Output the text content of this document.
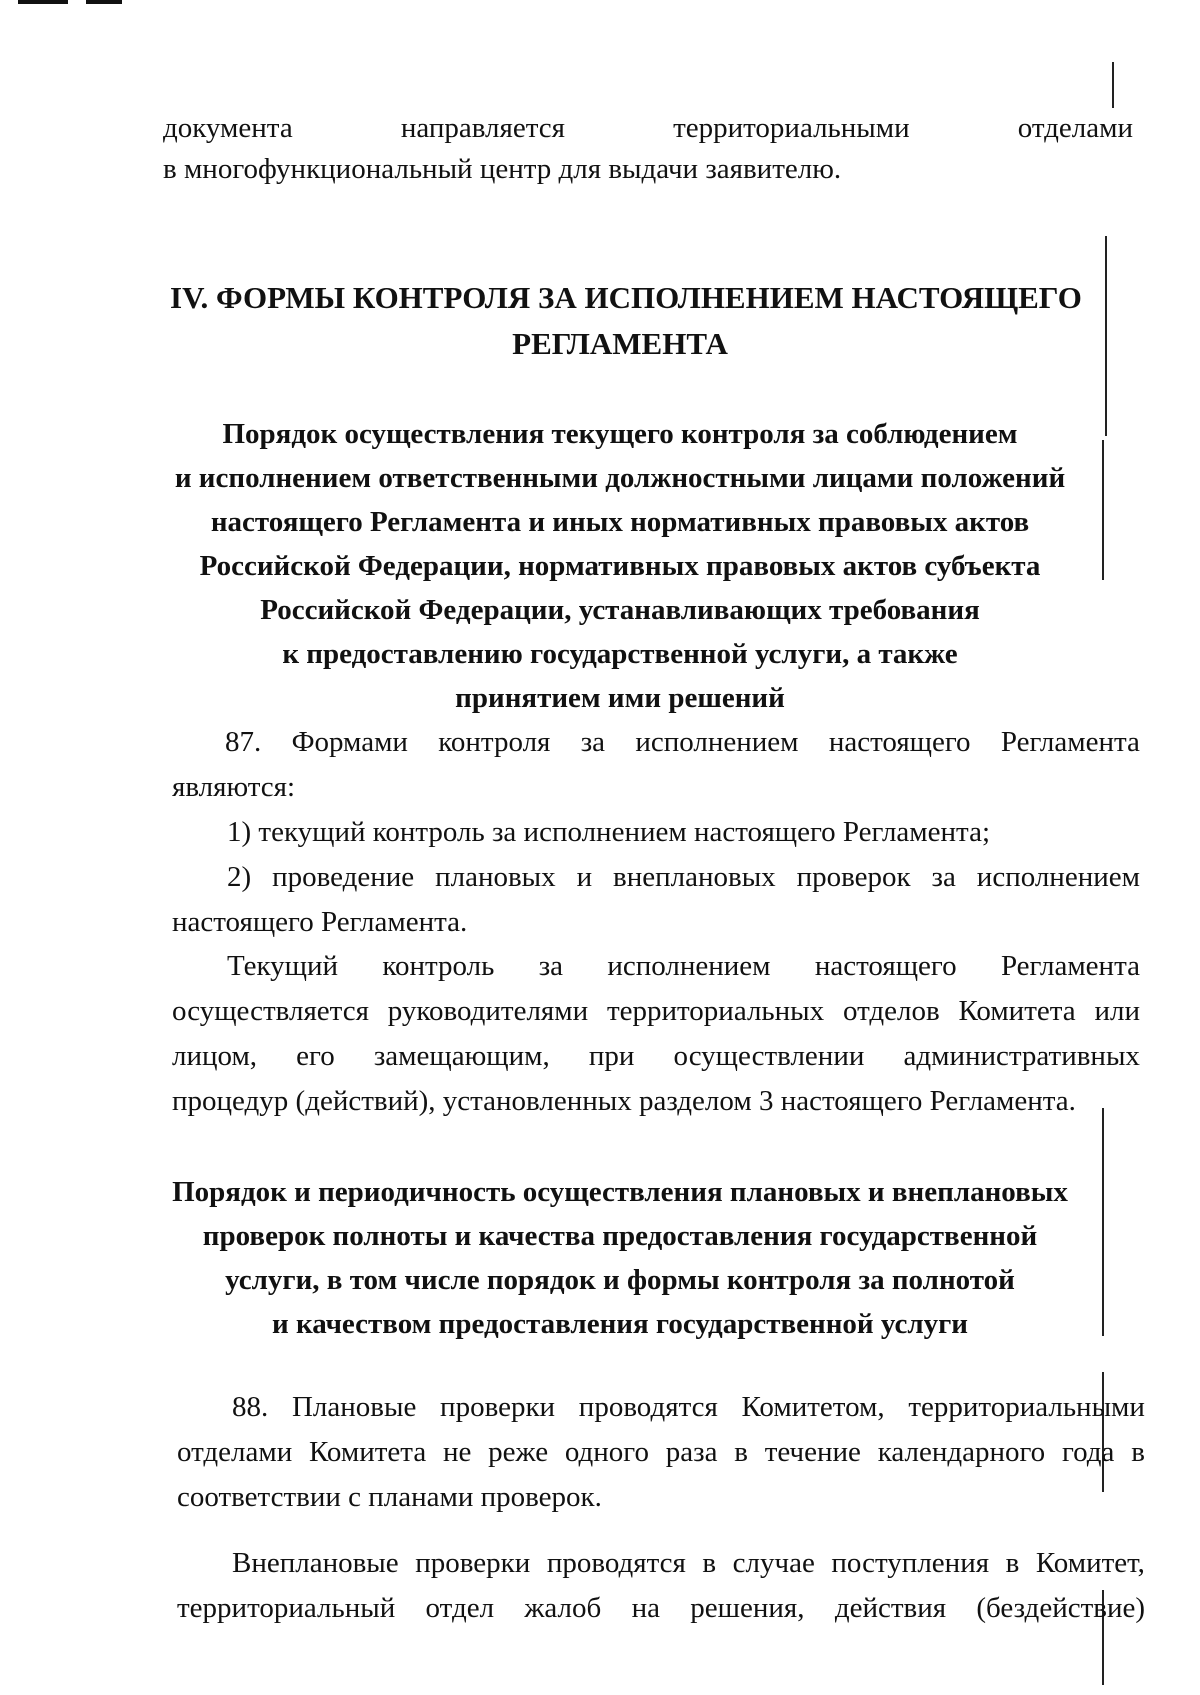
документа	направляется	территориальными	отделами
в многофункциональный центр для выдачи заявителю.
IV. ФОРМЫ КОНТРОЛЯ ЗА ИСПОЛНЕНИЕМ НАСТОЯЩЕГО
РЕГЛАМЕНТА
Порядок осуществления текущего контроля за соблюдением
и исполнением ответственными должностными лицами положений
настоящего Регламента и иных нормативных правовых актов
Российской Федерации, нормативных правовых актов субъекта
Российской Федерации, устанавливающих требования
к предоставлению государственной услуги, а также
принятием ими решений
87. Формами контроля за исполнением настоящего Регламента
являются:
1) текущий контроль за исполнением настоящего Регламента;
2) проведение плановых и внеплановых проверок за исполнением
настоящего Регламента.
Текущий контроль за исполнением настоящего Регламента
осуществляется руководителями территориальных отделов Комитета или
лицом, его замещающим, при осуществлении административных
процедур (действий), установленных разделом 3 настоящего Регламента.
Порядок и периодичность осуществления плановых и внеплановых
проверок полноты и качества предоставления государственной
услуги, в том числе порядок и формы контроля за полнотой
и качеством предоставления государственной услуги
88. Плановые проверки проводятся Комитетом, территориальными
отделами Комитета не реже одного раза в течение календарного года в
соответствии с планами проверок.
Внеплановые проверки проводятся в случае поступления в Комитет,
территориальный отдел жалоб на решения, действия (бездействие)
